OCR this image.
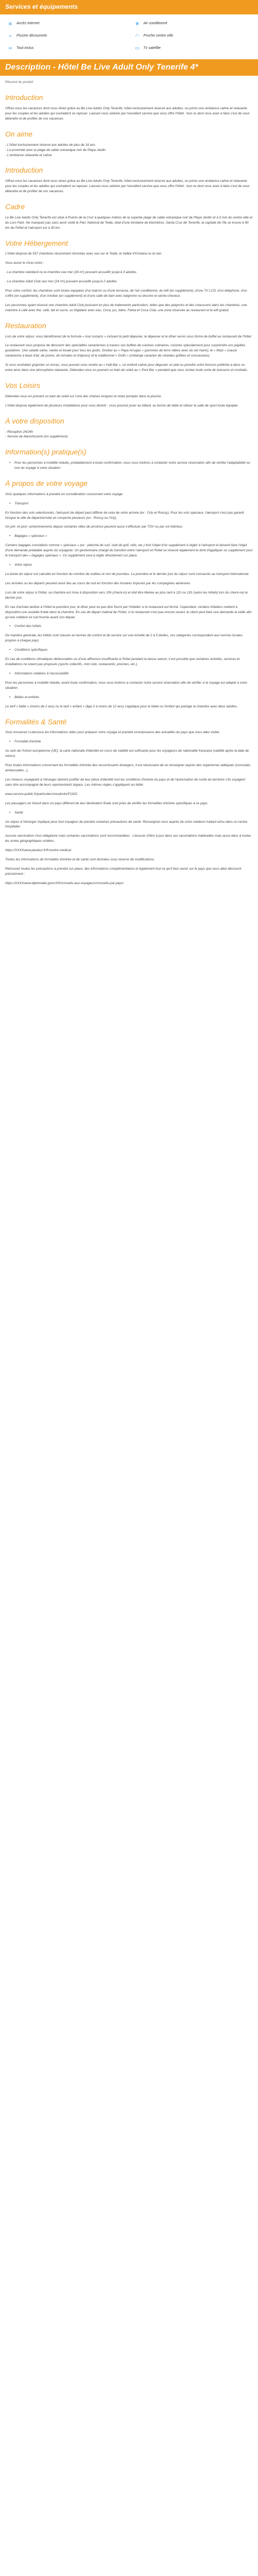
Services et équipements
≋	Accès internet	❄	Air conditionné
≈	Piscine découverte	◠ Proche centre ville
∞	Tout inclus	▭ Tv satellite
Description - Hôtel Be Live Adult Only Tenerife 4*

Résumé du produit

Introduction

Offrez-vous les vacances dont vous rêvez grâce au Be Live Adults Only Tenerife, hôtel exclusivement réservé aux adultes, ou prime une ambiance calme et relaxante pour les couples et les adultes qui souhaitent se reposer. Laissez-vous séduire par l'excellent service que vous offre l'hôtel : tout ce dont vous avez à faire c'est de vous détendre et de profiter de vos vacances.

On aime

- L'hôtel exclusivement réservé aux adultes de plus de 16 ans

- La proximité avec la plage de sable volcanique noir de Playa Jardin

- L'ambiance relaxante et calme

Introduction

Offrez-vous les vacances dont vous rêvez grâce au Be Live Adults Only Tenerife, hôtel exclusivement réservé aux adultes, ou prime une ambiance calme et relaxante pour les couples et les adultes qui souhaitent se reposer. Laissez-vous séduire par l'excellent service que vous offre l'hôtel : tout ce dont vous avez à faire c'est de vous détendre et de profiter de vos vacances.

Cadre

Le Be Live Adults Only Tenerife est situé à Puerto de la Cruz à quelques mètres de la superbe plage de sable volcanique noir de Playa Jardín et à 5 min du centre-ville et du Loro Park. Ne manquez pas sans avoir visité le Parc National de Teide, était d'une trentaine de kilomètres. Santa Cruz de Tenerife, la capitale de l'île se trouve à 40 km de l'hôtel et l'aéroport est à 30 km.

Votre Hébergement

L'hôtel dispose de 537 chambres récemment rénovées avec vue sur le Teide, la Vallée d'Orotava ou la mer.

Vous aurez le choix entre :

- La chambre standard ou la chambre vue mer (24 m²) pouvant accueillir jusqu'à 3 adultes

- La chambre Adult Club vue mer (24 m²) pouvant accueillir jusqu'à 2 adultes

Pour votre confort, les chambres sont toutes équipées d'un balcon ou d'une terrasse, de l'air conditionné, du wifi (en supplément), d'une TV LCD, d'un téléphone, d'un coffre (en supplément), d'un minibar (en supplément) et d'une salle de bain avec baignoire ou douche et sèche-cheveux.

Les personnes ayant réservé une chambre Adult Club jouissent en plus de traitements particuliers, telles que des peignoirs et des chaussons dans les chambres, une machine à café avec thé, café, lait et sucre, un frigidaire avec eau, Coca, jus, bière, Fanta et Coca Cola, une zone réservée au restaurant et le wifi gratuit.

Restauration

Lors de votre séjour, vous bénéficierez de la formule « tout compris » incluant le petit déjeuner, le déjeuner et le dîner servis sous forme de buffet au restaurant de l'hôtel.

Le restaurant vous propose de découvrir des spécialités canariennes à travers ses buffets de cuisines culinaires, cuisines spécialement pour surprendre vos papilles gustatives. Une salade saine, variée et locale pour tous les goûts. Goûtez au « Papa Arrugas » (pommes de terre ridées avec du sel marin), le « Mojo » (sauce canarienne à base d'ail, de poivre, de tomates et d'épices) et le traditionnel « Gofio » (mélange canarien de céréales grillées et concassées).

Si vous souhaitez grignoter un encas, vous pouvez vous rendre au « Hall Bar », un endroit calme pour déguster un plat ou prendre votre boisson préférée à deux ou entre amis dans une atmosphère relaxante. Détendez-vous en prenant un bain de soleil au « Pool Bar » pendant que vous sirotez toute sorte de boissons et cocktails.

Vos Loisirs

Détendez-vous en prenant un bain de soleil sur l'une des chaises longues et votez pompier dans la piscine.

L'hôtel dispose également de plusieurs installations pour vous divertir : vous pourrez jouer au billard, au tennis de table et utiliser la salle de sport toute équipée.

À votre disposition

- Réception 24/24h

- Service de blanchisserie (en supplément)

Information(s) pratique(s)
• Pour les personnes à mobilité réduite, préalablement à toute confirmation, nous vous invitons à contacter notre service réservation afin de vérifier l'adaptabilité ou non du voyage à votre situation.
À propos de votre voyage

Voici quelques informations à prendre en considération concernant votre voyage.

• Transport

En fonction des vols sélectionnés, l'aéroport de départ peut différer de celui de votre arrivée (ex : Orly et Roissy). Pour les vols spéciaux, l'aéroport n'est pas garanti lorsque la ville de départ/arrivée en comporte plusieurs (ex : Roissy ou Orly).

Un pré- et post- acheminements depuis certaines villes de province peuvent aussi s'effectuer par TGV ou par vol intérieur.

• Bagages « spéciaux »

Certains bagages considérés comme « spéciaux » (ex : planche de surf, club de golf, vélo, etc.) font l'objet d'un supplément à régler à l'aéroport et doivent faire l'objet d'une demande préalable auprès du voyagiste. Un gestionnaire chargé du transfert entre l'aéroport et l'hôtel se réserve également le droit d'appliquer un supplément pour le transport des « bagages spéciaux ». Ce supplément sera à régler directement sur place.

• Votre séjour

La durée du séjour est calculée en fonction du nombre de nuitées et non de journées. La première et le dernier jour du séjour sont consacrés au transport international.

Les arrivées ou les départs peuvent avoir lieu au cours de nuit en fonction des horaires imposés par les compagnies aériennes.

Lors de votre séjour à l'hôtel, sa chambre est mise à disposition vers 15h (check-in) et doit être libérée au plus tard à 11h ou 12h (selon les hôtels) lors du check-out le dernier jour.

En cas d'arrivée tardive à l'hôtel la première jour, le dîner peut ne pas être fourni par l'hôtelier si le restaurant est fermé. Cependant, certains hôteliers mettent à disposition une assiette froide dans la chambre. En cas de départ matinal de l'hôtel, si le restaurant n'est pas encore ouvert, le client peut faire une demande la veille afin qu'une collation lui soit fournie avant son départ.

• Confort des hôtels

De manière générale, les hôtels sont classés en termes de confort et de service sur une échelle de 2 à 5 étoiles, ces catégories correspondent aux normes locales propres à chaque pays.

• Conditions spécifiques

En cas de conditions climatiques défavorables ou d'une affluence insuffisante à l'hôtel pendant la basse saison, il est possible que certaines activités, services et installations ne soient pas proposés (sports collectifs, mini club, restaurants, piscines, etc.).

• Informations relatives à l'accessibilité

Pour les personnes à mobilité réduite, avant toute confirmation, nous vous invitons à contacter notre service réservation afin de vérifier si le voyage est adapté à votre situation.

• Bébés et enfants

Le tarif « bébé » (moins de 2 ans) ou le tarif « enfant » (âge 2 à moins de 12 ans) s'applique pour le bébé ou l'enfant qui partage la chambre avec deux adultes.

Formalités & Santé

Vous trouverez ci-dessous les informations utiles pour préparer votre voyage et prendre connaissance des actualités du pays que vous allez visiter.

• Formalité d'entrée

Au sein de l'Union européenne (UE), la carte nationale d'identité en cours de validité est suffisante pour les voyageurs de nationalité française (validité après la date de retour).

Pour toutes informations concernant les formalités d'entrée des ressortissants étrangers, il est nécessaire de se renseigner auprès des organismes adéquats (consulats, ambassades...).

Les mineurs voyageant à l'étranger doivent justifier de leur pièce d'identité tout les conditions d'entrée du pays et de l'autorisation de sortie du territoire s'ils voyagent sans être accompagné de leurs représentants légaux. Les mêmes règles s'appliquent au bébé.

www.service-public.fr/particuliers/vosdroits/F1922

Les passagers en transit dans un pays différent de leur destination finale sont priés de vérifier les formalités d'entrée spécifiques à ce pays.

• Santé

Un séjour à l'étranger implique pour tout voyageur de prendre certaines précautions de santé. Renseignez-vous auprès de votre médecin traitant et/ou dans un centre hospitalier.

Aucune vaccination n'est obligatoire mais certaines vaccinations sont recommandées : s'assurer d'être à jour dans ses vaccinations habituelles mais aussi dans à toutes les zones géographiques visitées.

https://XXXXwww.pasteur.fr/fr/centre-medical

Toutes les informations de formalités d'entrée et de santé sont données sous réserve de modifications.

Retrouvez toutes les précautions à prendre sur place, des informations complémentaires et également tout ce qu'il faut savoir sur le pays que vous allez découvrir précisément :

https://XXXXwww.diplomatie.gouv.fr/fr/conseils-aux-voyageurs/conseils-par-pays/
